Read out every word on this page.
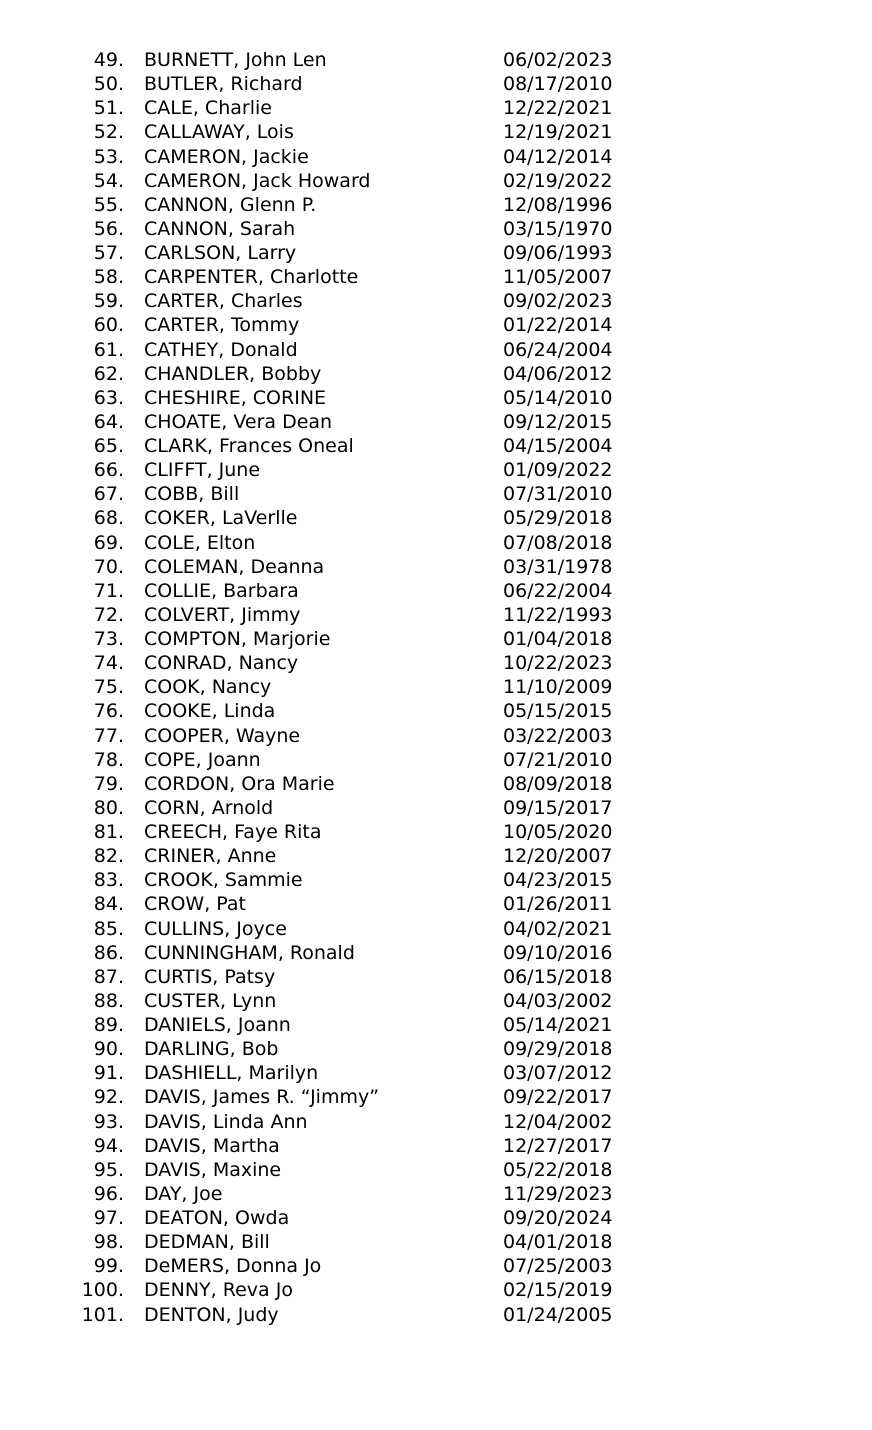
49. BURNETT, John Len	06/02/2023
50. BUTLER, Richard	08/17/2010
51. CALE, Charlie	12/22/2021
52. CALLAWAY, Lois	12/19/2021
53. CAMERON, Jackie	04/12/2014
54. CAMERON, Jack Howard	02/19/2022
55. CANNON, Glenn P.	12/08/1996
56. CANNON, Sarah	03/15/1970
57. CARLSON, Larry	09/06/1993
58. CARPENTER, Charlotte	11/05/2007
59. CARTER, Charles	09/02/2023
60. CARTER, Tommy	01/22/2014
61. CATHEY, Donald	06/24/2004
62. CHANDLER, Bobby	04/06/2012
63. CHESHIRE, CORINE	05/14/2010
64. CHOATE, Vera Dean	09/12/2015
65. CLARK, Frances Oneal	04/15/2004
66. CLIFFT, June	01/09/2022
67. COBB, Bill	07/31/2010
68. COKER, LaVerlle	05/29/2018
69. COLE, Elton	07/08/2018
70. COLEMAN, Deanna	03/31/1978
71. COLLIE, Barbara	06/22/2004
72. COLVERT, Jimmy	11/22/1993
73. COMPTON, Marjorie	01/04/2018
74. CONRAD, Nancy	10/22/2023
75. COOK, Nancy	11/10/2009
76. COOKE, Linda	05/15/2015
77. COOPER, Wayne	03/22/2003
78. COPE, Joann	07/21/2010
79. CORDON, Ora Marie	08/09/2018
80. CORN, Arnold	09/15/2017
81. CREECH, Faye Rita	10/05/2020
82. CRINER, Anne	12/20/2007
83. CROOK, Sammie	04/23/2015
84. CROW, Pat	01/26/2011
85. CULLINS, Joyce	04/02/2021
86. CUNNINGHAM, Ronald	09/10/2016
87. CURTIS, Patsy	06/15/2018
88. CUSTER, Lynn	04/03/2002
89. DANIELS, Joann	05/14/2021
90. DARLING, Bob	09/29/2018
91. DASHIELL, Marilyn	03/07/2012
92. DAVIS, James R. “Jimmy”	09/22/2017
93. DAVIS, Linda Ann	12/04/2002
94. DAVIS, Martha	12/27/2017
95. DAVIS, Maxine	05/22/2018
96. DAY, Joe	11/29/2023
97. DEATON, Owda	09/20/2024
98. DEDMAN, Bill	04/01/2018
99. DeMERS, Donna Jo	07/25/2003
100. DENNY, Reva Jo	02/15/2019
101. DENTON, Judy	01/24/2005
